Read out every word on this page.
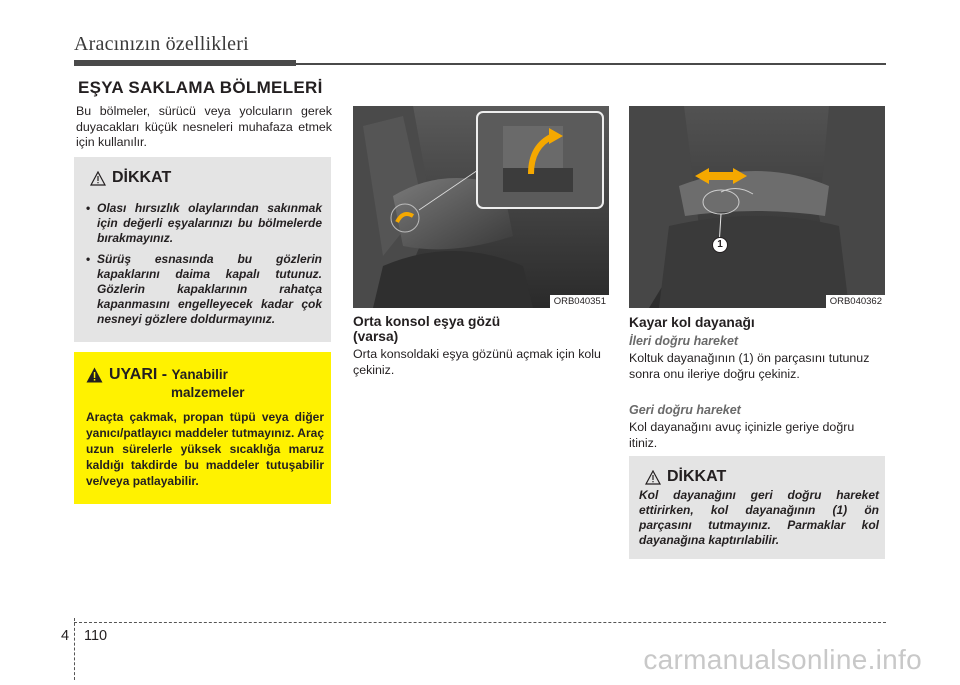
Aracınızın özellikleri
EŞYA SAKLAMA BÖLMELERİ
Bu bölmeler, sürücü veya yolcuların gerek duyacakları küçük nesneleri muhafaza etmek için kullanılır.
DİKKAT
• Olası hırsızlık olaylarından sakınmak için değerli eşyalarınızı bu bölmelerde bırakmayınız.
• Sürüş esnasında bu gözlerin kapaklarını daima kapalı tutunuz. Gözlerin kapaklarının rahatça kapanmasını engelleyecek kadar çok nesneyi gözlere doldurmayınız.
UYARI - Yanabilir
malzemeler
Araçta çakmak, propan tüpü veya diğer yanıcı/patlayıcı maddeler tutmayınız. Araç uzun sürelerle yüksek sıcaklığa maruz kaldığı takdirde bu maddeler tutuşabilir ve/veya patlayabilir.
ORB040351
Orta konsol eşya gözü
(varsa)
Orta konsoldaki eşya gözünü açmak için kolu çekiniz.
1
ORB040362
Kayar kol dayanağı
İleri doğru hareket
Koltuk dayanağının (1) ön parçasını tutunuz sonra onu ileriye doğru çekiniz.
Geri doğru hareket
Kol dayanağını avuç içinizle geriye doğru itiniz.
DİKKAT
Kol dayanağını geri doğru hareket ettirirken, kol dayanağının (1) ön parçasını tutmayınız. Parmaklar kol dayanağına kaptırılabilir.
4 110
carmanualsonline.info
